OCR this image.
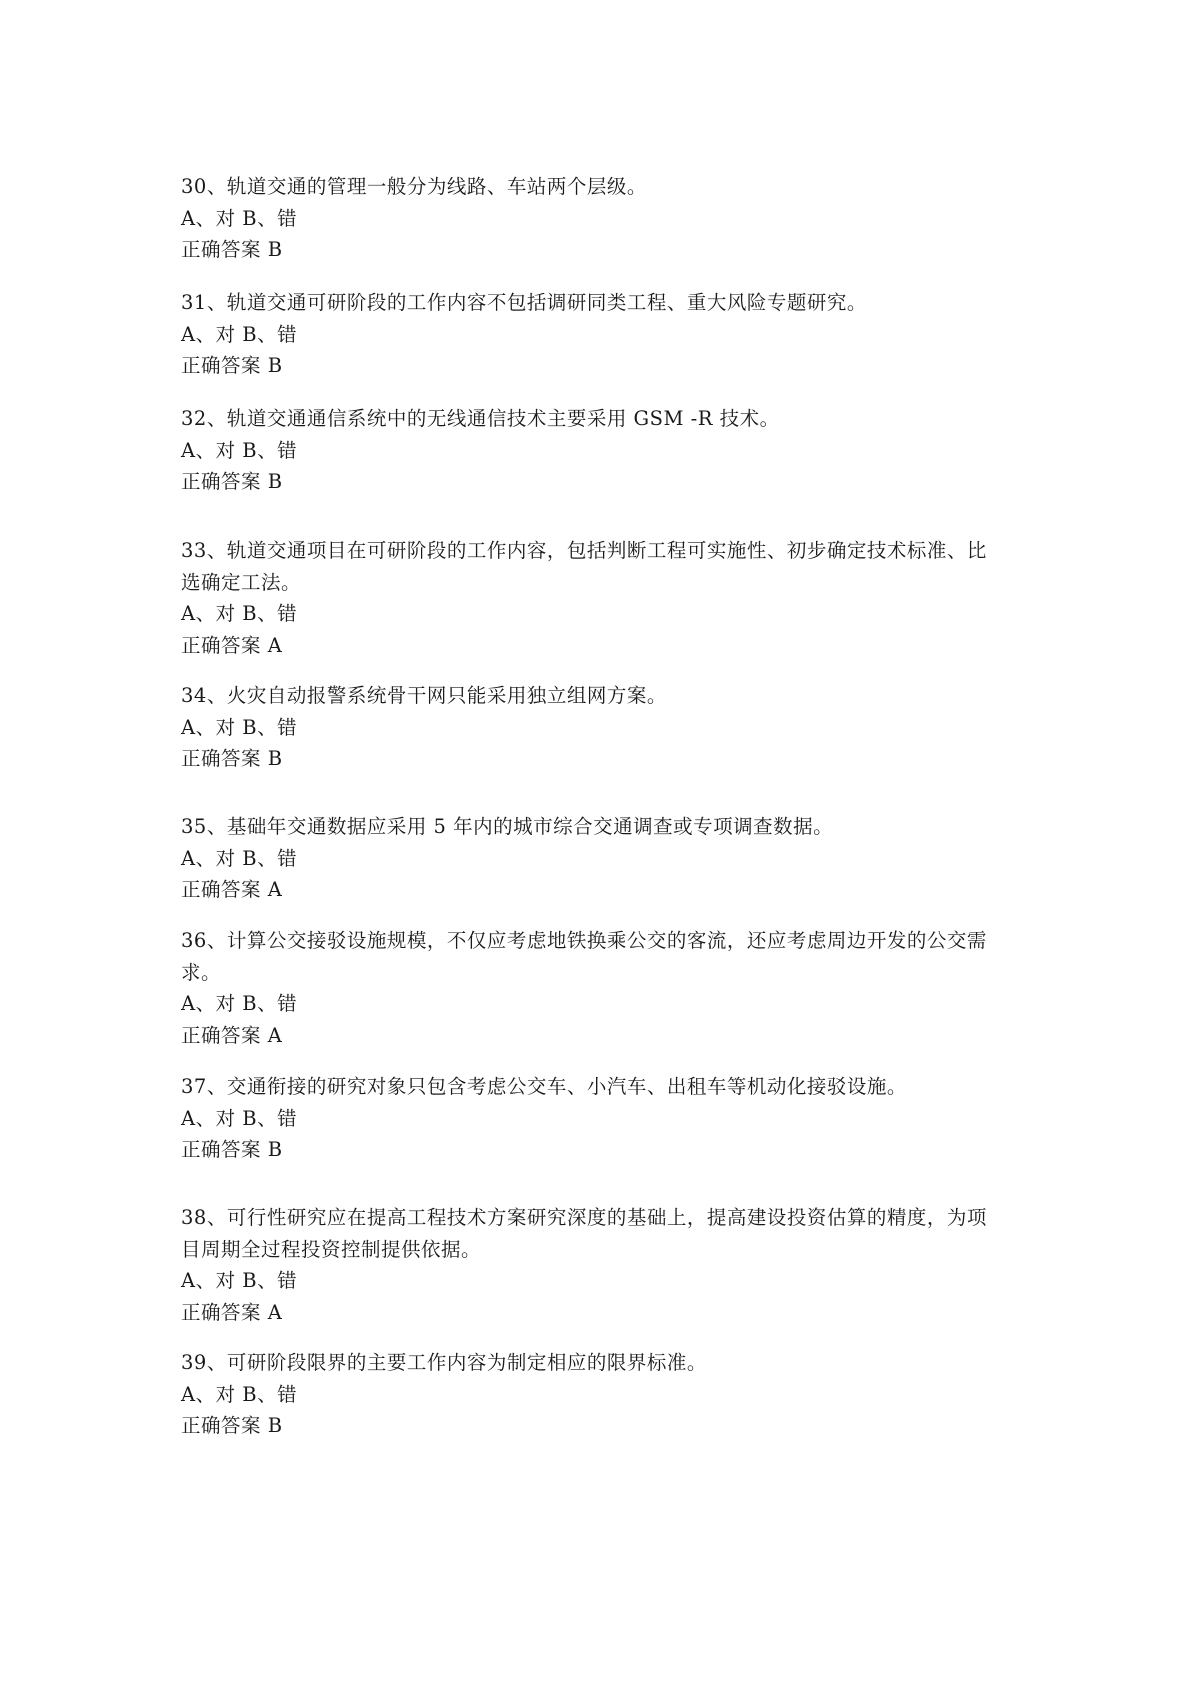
30、轨道交通的管理一般分为线路、车站两个层级。
A、对 B、错
正确答案 B
31、轨道交通可研阶段的工作内容不包括调研同类工程、重大风险专题研究。
A、对 B、错
正确答案 B
32、轨道交通通信系统中的无线通信技术主要采用 GSM -R 技术。
A、对 B、错
正确答案 B
33、轨道交通项目在可研阶段的工作内容，包括判断工程可实施性、初步确定技术标准、比
选确定工法。
A、对 B、错
正确答案 A
34、火灾自动报警系统骨干网只能采用独立组网方案。
A、对 B、错
正确答案 B
35、基础年交通数据应采用 5 年内的城市综合交通调查或专项调查数据。
A、对 B、错
正确答案 A
36、计算公交接驳设施规模，不仅应考虑地铁换乘公交的客流，还应考虑周边开发的公交需
求。
A、对 B、错
正确答案 A
37、交通衔接的研究对象只包含考虑公交车、小汽车、出租车等机动化接驳设施。
A、对 B、错
正确答案 B
38、可行性研究应在提高工程技术方案研究深度的基础上，提高建设投资估算的精度，为项
目周期全过程投资控制提供依据。
A、对 B、错
正确答案 A
39、可研阶段限界的主要工作内容为制定相应的限界标准。
A、对 B、错
正确答案 B
